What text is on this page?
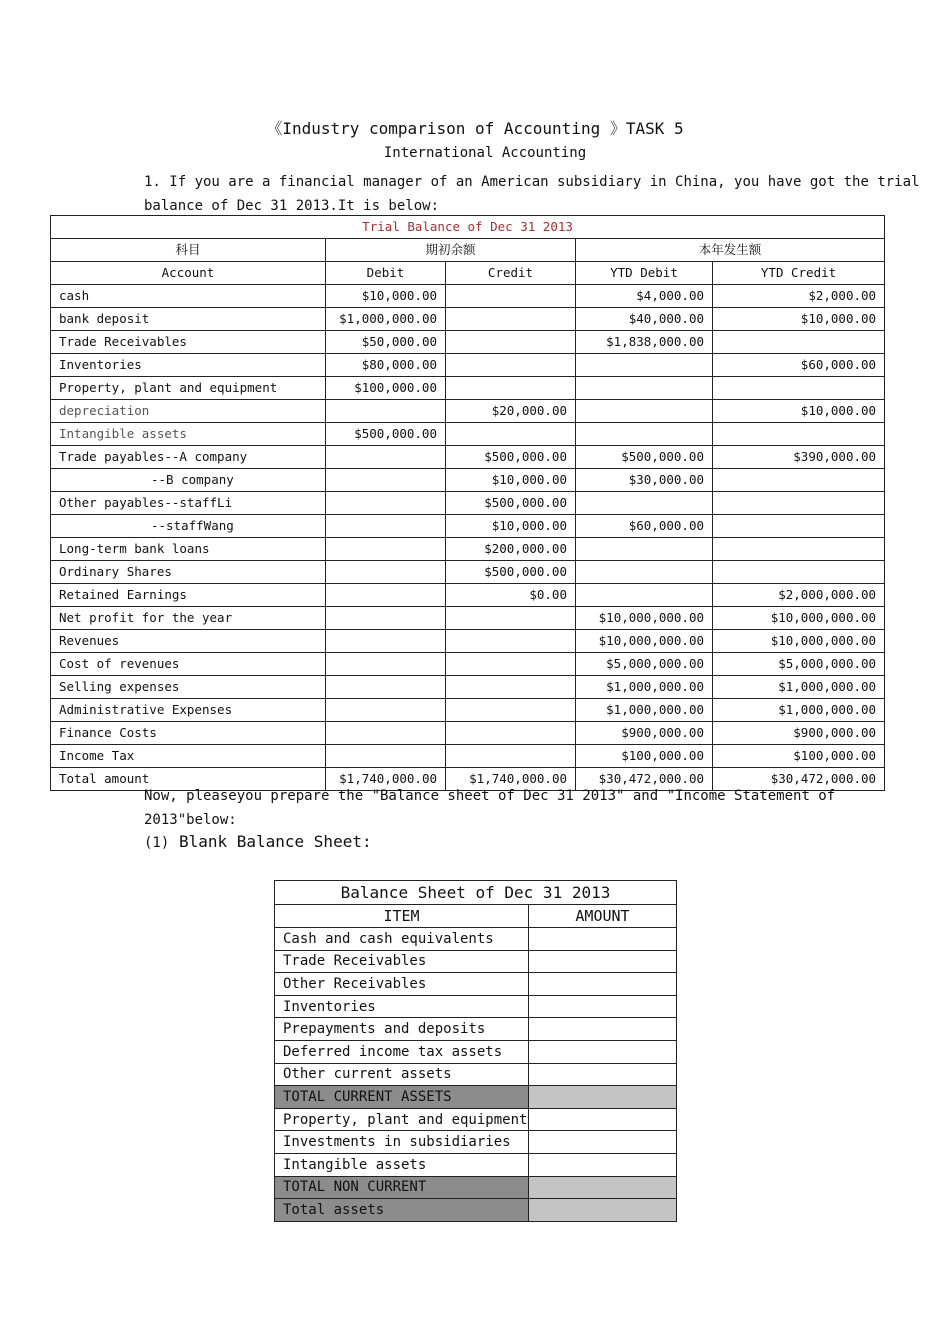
《Industry comparison of Accounting 》TASK 5
International Accounting
1. If you are a financial manager of an American subsidiary in China, you have got the trial balance of Dec 31 2013.It is below:
Trial Balance of Dec 31 2013				
科目	期初余额		本年发生额	
Account	Debit	Credit	YTD Debit	YTD Credit
cash	$10,000.00		$4,000.00	$2,000.00
bank deposit	$1,000,000.00		$40,000.00	$10,000.00
Trade Receivables	$50,000.00		$1,838,000.00	
Inventories	$80,000.00			$60,000.00
Property, plant and equipment	$100,000.00			
depreciation		$20,000.00		$10,000.00
Intangible assets	$500,000.00			
Trade payables--A company		$500,000.00	$500,000.00	$390,000.00
--B company		$10,000.00	$30,000.00	
Other payables--staffLi		$500,000.00		
--staffWang		$10,000.00	$60,000.00	
Long-term bank loans		$200,000.00		
Ordinary Shares		$500,000.00		
Retained Earnings		$0.00		$2,000,000.00
Net profit for the year			$10,000,000.00	$10,000,000.00
Revenues			$10,000,000.00	$10,000,000.00
Cost of revenues			$5,000,000.00	$5,000,000.00
Selling expenses			$1,000,000.00	$1,000,000.00
Administrative Expenses			$1,000,000.00	$1,000,000.00
Finance Costs			$900,000.00	$900,000.00
Income Tax			$100,000.00	$100,000.00
Total amount	$1,740,000.00	$1,740,000.00	$30,472,000.00	$30,472,000.00
Now, pleaseyou prepare the "Balance sheet of Dec 31 2013" and "Income Statement of 2013"below:
(1) Blank Balance Sheet:
Balance Sheet of Dec 31 2013	
ITEM	AMOUNT
Cash and cash equivalents	
Trade Receivables	
Other Receivables	
Inventories	
Prepayments and deposits	
Deferred income tax assets	
Other current assets	
TOTAL CURRENT ASSETS	
Property, plant and equipment	
Investments in subsidiaries	
Intangible assets	
TOTAL NON CURRENT	
Total assets	
